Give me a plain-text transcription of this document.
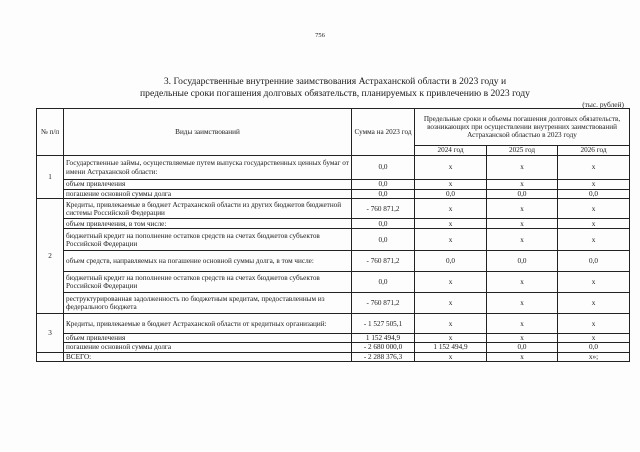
756
3. Государственные внутренние заимствования Астраханской области в 2023 году и
предельные сроки погашения долговых обязательств, планируемых к привлечению в 2023 году
(тыс. рублей)
№ п/п	Виды заимствований	Сумма на 2023 год	Предельные сроки и объемы погашения долговых обязательств, возникающих при осуществлении внутренних заимствований Астраханской областью в 2023 году		
			2024 год	2025 год	2026 год
1	Государственные займы, осуществляемые путем выпуска государственных ценных бумаг от имени Астраханской области:	0,0	x	x	x
	объем привлечения	0,0	x	x	x
	погашение основной суммы долга	0,0	0,0	0,0	0,0
2	Кредиты, привлекаемые в бюджет Астраханской области из других бюджетов бюджетной системы Российской Федерации	- 760 871,2	x	x	x
	объем привлечения, в том числе:	0,0	x	x	x
	бюджетный кредит на пополнение остатков средств на счетах бюджетов субъектов Российской Федерации	0,0	x	x	x
	объем средств, направляемых на погашение основной суммы долга, в том числе:	- 760 871,2	0,0	0,0	0,0
	бюджетный кредит на пополнение остатков средств на счетах бюджетов субъектов Российской Федерации	0,0	x	x	x
	реструктурированная задолженность по бюджетным кредитам, предоставленным из федерального бюджета	- 760 871,2	x	x	x
3	Кредиты, привлекаемые в бюджет Астраханской области от кредитных организаций:	- 1 527 505,1	x	x	x
	объем привлечения	1 152 494,9	x	x	x
	погашение основной суммы долга	- 2 680 000,0	1 152 494,9	0,0	0,0
	ВСЕГО:	- 2 288 376,3	x	x	x»;
